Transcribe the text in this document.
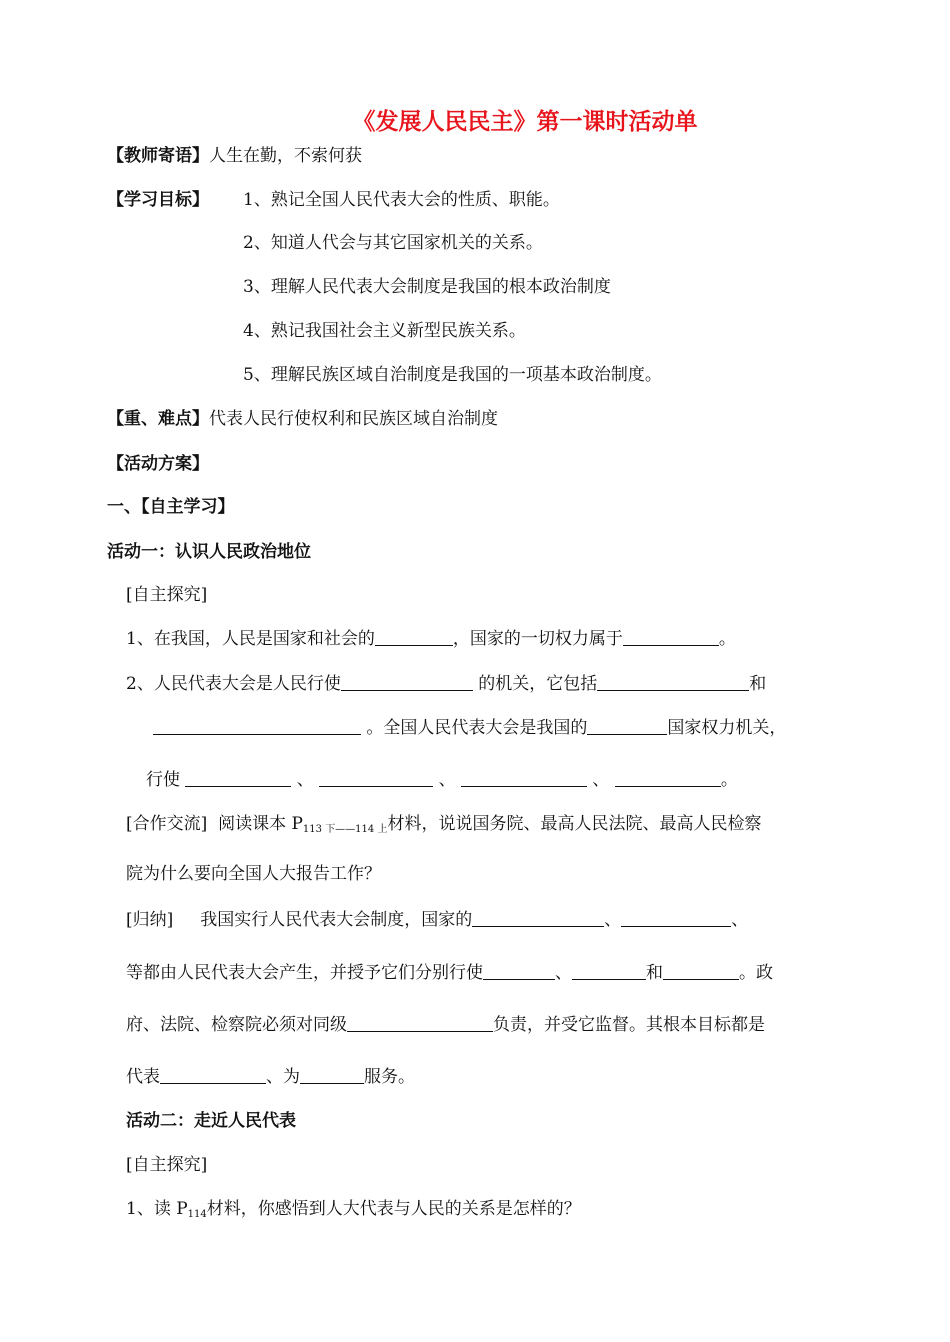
《发展人民民主》第一课时活动单
【教师寄语】人生在勤，不索何获
【学习目标】 1、熟记全国人民代表大会的性质、职能。
2、知道人代会与其它国家机关的关系。
3、理解人民代表大会制度是我国的根本政治制度
4、熟记我国社会主义新型民族关系。
5、理解民族区域自治制度是我国的一项基本政治制度。
【重、难点】代表人民行使权利和民族区域自治制度
【活动方案】
一、【自主学习】
活动一：认识人民政治地位
[自主探究]
1、在我国，人民是国家和社会的	，国家的一切权力属于	。
2、人民代表大会是人民行使	的机关，它包括	和
。全国人民代表大会是我国的	国家权力机关，
行使	、	、	、	。
[合作交流] 阅读课本 $P_{113 下——114 上}$材料，说说国务院、最高人民法院、最高人民检察
院为什么要向全国人大报告工作？
[归纳] 我国实行人民代表大会制度，国家的	、	、
等都由人民代表大会产生，并授予它们分别行使	、	和	。政
府、法院、检察院必须对同级	负责，并受它监督。其根本目标都是
代表	、为	服务。
活动二：走近人民代表
[自主探究]
1、读 $P_{114}$材料，你感悟到人大代表与人民的关系是怎样的？
